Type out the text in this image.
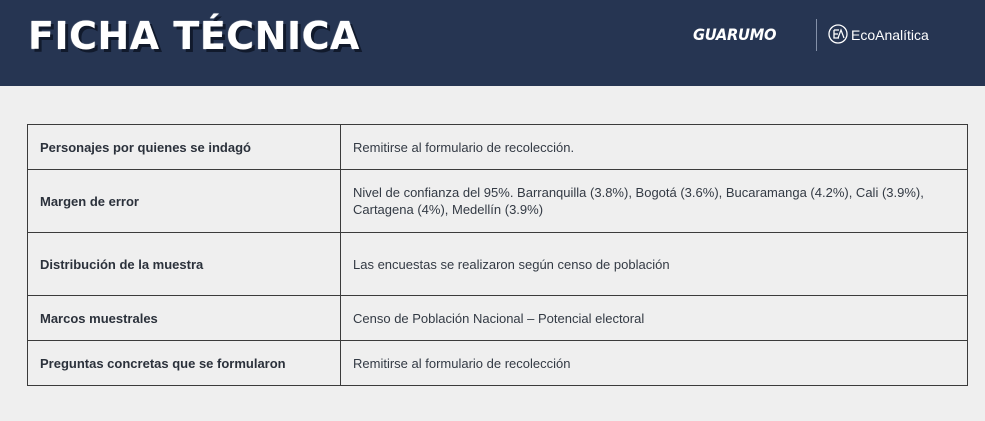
FICHA TÉCNICA	GUARUMO	EcoAnalítica
Personajes por quienes se indagó	Remitirse al formulario de recolección.
Margen de error	Nivel de confianza del 95%. Barranquilla (3.8%), Bogotá (3.6%), Bucaramanga (4.2%), Cali (3.9%), Cartagena (4%), Medellín (3.9%)
Distribución de la muestra	Las encuestas se realizaron según censo de población
Marcos muestrales	Censo de Población Nacional – Potencial electoral
Preguntas concretas que se formularon	Remitirse al formulario de recolección
